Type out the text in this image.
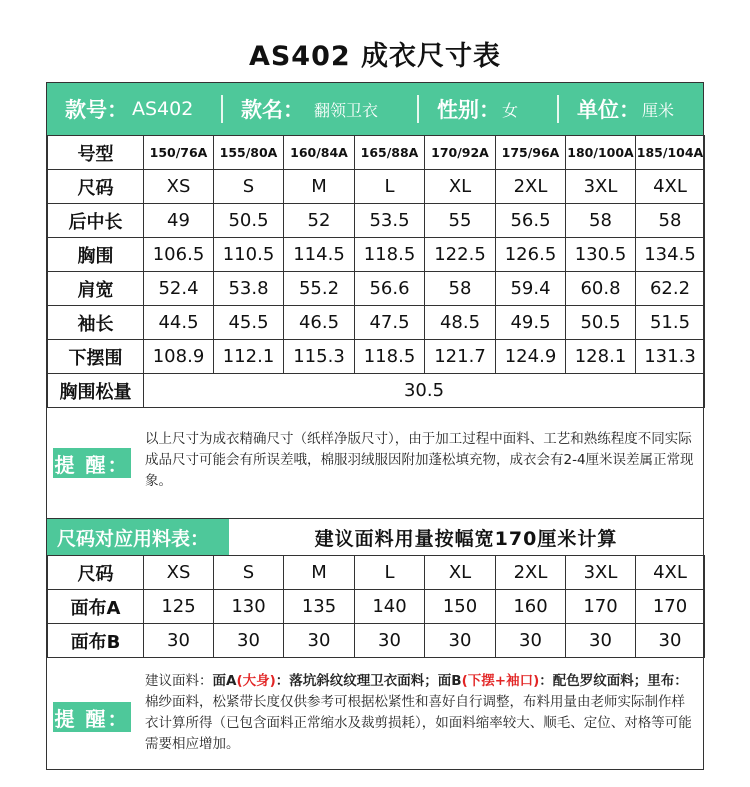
AS402 成衣尺寸表
款号： AS402 款名： 翻领卫衣	性别： 女	单位： 厘米
号型	150/76A	155/80A	160/84A	165/88A	170/92A	175/96A	180/100A	185/104A
尺码	XS	S	M	L	XL	2XL	3XL	4XL
后中长	49	50.5	52	53.5	55	56.5	58	58
胸围	106.5	110.5	114.5	118.5	122.5	126.5	130.5	134.5
肩宽	52.4	53.8	55.2	56.6	58	59.4	60.8	62.2
袖长	44.5	45.5	46.5	47.5	48.5	49.5	50.5	51.5
下摆围	108.9	112.1	115.3	118.5	121.7	124.9	128.1	131.3
胸围松量	30.5							
提 醒：
以上尺寸为成衣精确尺寸（纸样净版尺寸），由于加工过程中面料、工艺和熟练程度不同实际成品尺寸可能会有所误差哦，棉服羽绒服因附加蓬松填充物，成衣会有2-4厘米误差属正常现象。
尺码对应用料表：	建议面料用量按幅宽170厘米计算
尺码	XS	S	M	L	XL	2XL	3XL	4XL
面布A	125	130	135	140	150	160	170	170
面布B	30	30	30	30	30	30	30	30
提 醒：
建议面料：面A(大身)：落坑斜纹纹理卫衣面料；面B(下摆+袖口)：配色罗纹面料；里布：棉纱面料，松紧带长度仅供参考可根据松紧性和喜好自行调整，布料用量由老师实际制作样衣计算所得（已包含面料正常缩水及裁剪损耗），如面料缩率较大、顺毛、定位、对格等可能需要相应增加。
